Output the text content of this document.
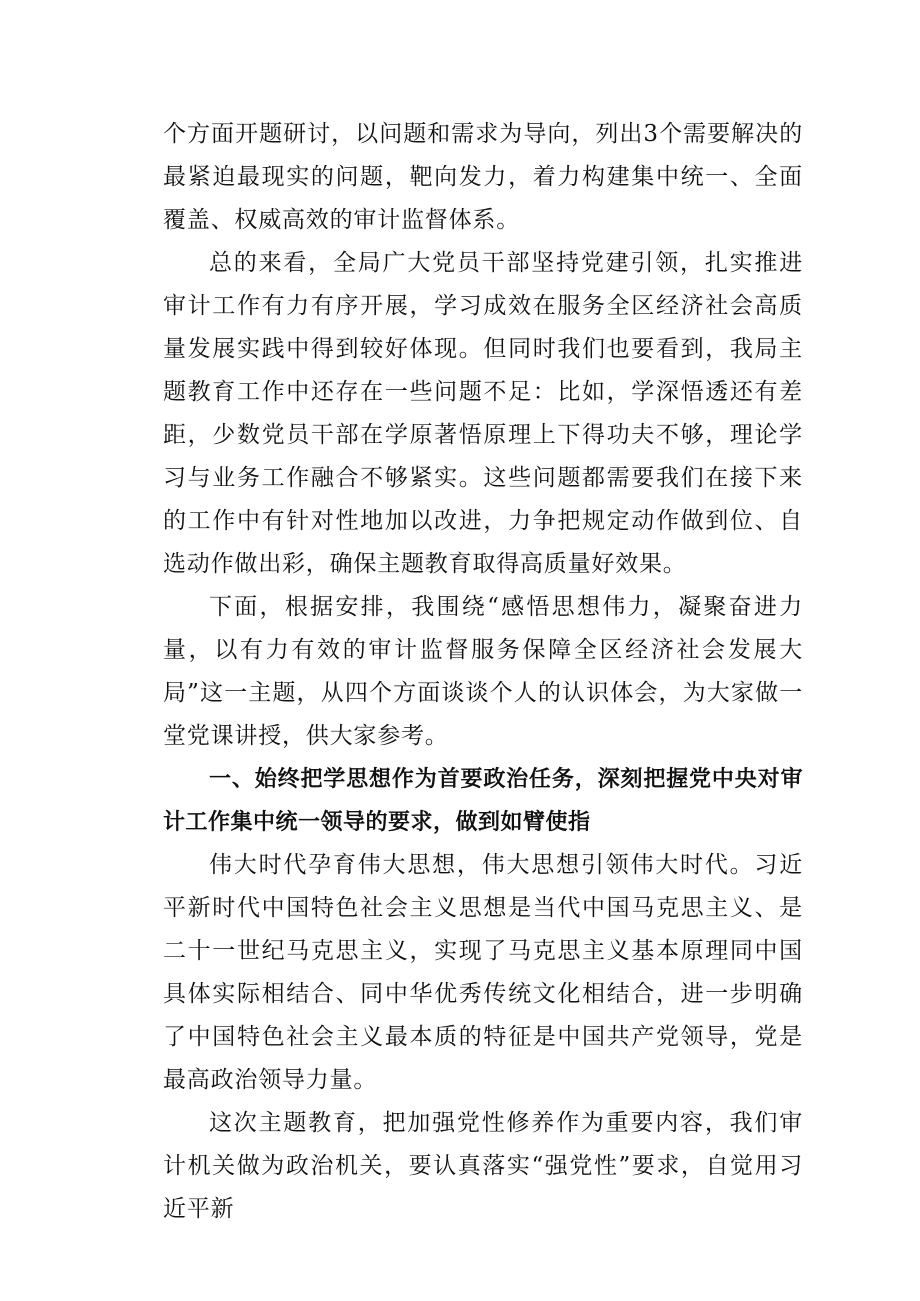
个方面开题研讨，以问题和需求为导向，列出3个需要解决的最紧迫最现实的问题，靶向发力，着力构建集中统一、全面覆盖、权威高效的审计监督体系。

总的来看，全局广大党员干部坚持党建引领，扎实推进审计工作有力有序开展，学习成效在服务全区经济社会高质量发展实践中得到较好体现。但同时我们也要看到，我局主题教育工作中还存在一些问题不足：比如，学深悟透还有差距，少数党员干部在学原著悟原理上下得功夫不够，理论学习与业务工作融合不够紧实。这些问题都需要我们在接下来的工作中有针对性地加以改进，力争把规定动作做到位、自选动作做出彩，确保主题教育取得高质量好效果。

下面，根据安排，我围绕“感悟思想伟力，凝聚奋进力量，以有力有效的审计监督服务保障全区经济社会发展大局”这一主题，从四个方面谈谈个人的认识体会，为大家做一堂党课讲授，供大家参考。

一、始终把学思想作为首要政治任务，深刻把握党中央对审计工作集中统一领导的要求，做到如臂使指

伟大时代孕育伟大思想，伟大思想引领伟大时代。习近平新时代中国特色社会主义思想是当代中国马克思主义、是二十一世纪马克思主义，实现了马克思主义基本原理同中国具体实际相结合、同中华优秀传统文化相结合，进一步明确了中国特色社会主义最本质的特征是中国共产党领导，党是最高政治领导力量。

这次主题教育，把加强党性修养作为重要内容，我们审计机关做为政治机关，要认真落实“强党性”要求，自觉用习近平新
